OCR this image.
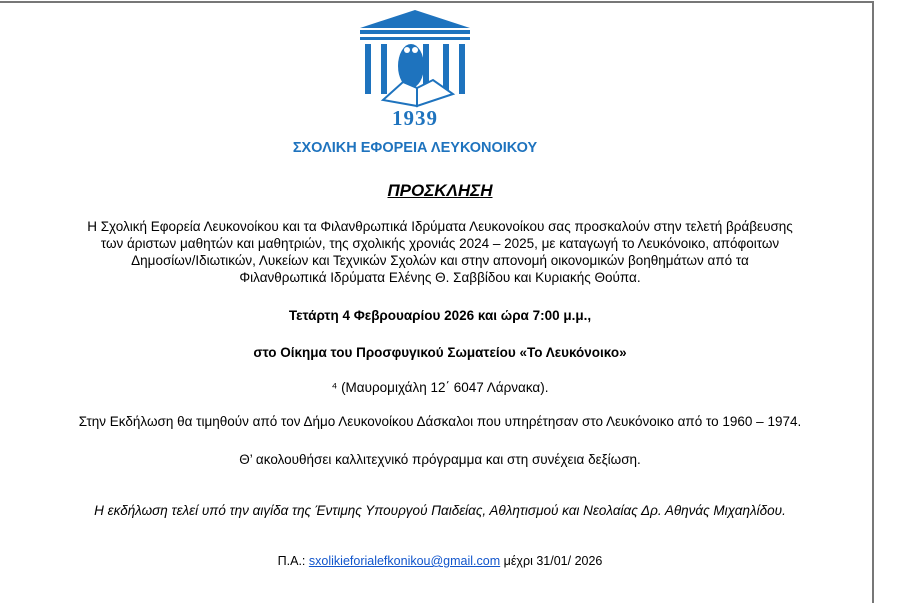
1939
ΣΧΟΛΙΚΗ ΕΦΟΡΕΙΑ ΛΕΥΚΟΝΟΙΚΟΥ
ΠΡΟΣΚΛΗΣΗ
Η Σχολική Εφορεία Λευκονοίκου και τα Φιλανθρωπικά Ιδρύματα Λευκονοίκου σας προσκαλούν στην τελετή βράβευσης
των άριστων μαθητών και μαθητριών, της σχολικής χρονιάς 2024 – 2025, με καταγωγή το Λευκόνοικο, απόφοιτων
Δημοσίων/Ιδιωτικών, Λυκείων και Τεχνικών Σχολών και στην απονομή οικονομικών βοηθημάτων από τα
Φιλανθρωπικά Ιδρύματα Ελένης Θ. Σαββίδου και Κυριακής Θούπα.
Τετάρτη 4 Φεβρουαρίου 2026 και ώρα 7:00 μ.μ.,
στο Οίκημα του Προσφυγικού Σωματείου «Το Λευκόνοικο»
⁴ (Μαυρομιχάλη 12΄ 6047 Λάρνακα).
Στην Εκδήλωση θα τιμηθούν από τον Δήμο Λευκονοίκου Δάσκαλοι που υπηρέτησαν στο Λευκόνοικο από το 1960 – 1974.
Θ’ ακολουθήσει καλλιτεχνικό πρόγραμμα και στη συνέχεια δεξίωση.
Η εκδήλωση τελεί υπό την αιγίδα της Έντιμης Υπουργού Παιδείας, Αθλητισμού και Νεολαίας Δρ. Αθηνάς Μιχαηλίδου.
Π.Α.: sxolikieforialefkonikou@gmail.com μέχρι 31/01/ 2026
